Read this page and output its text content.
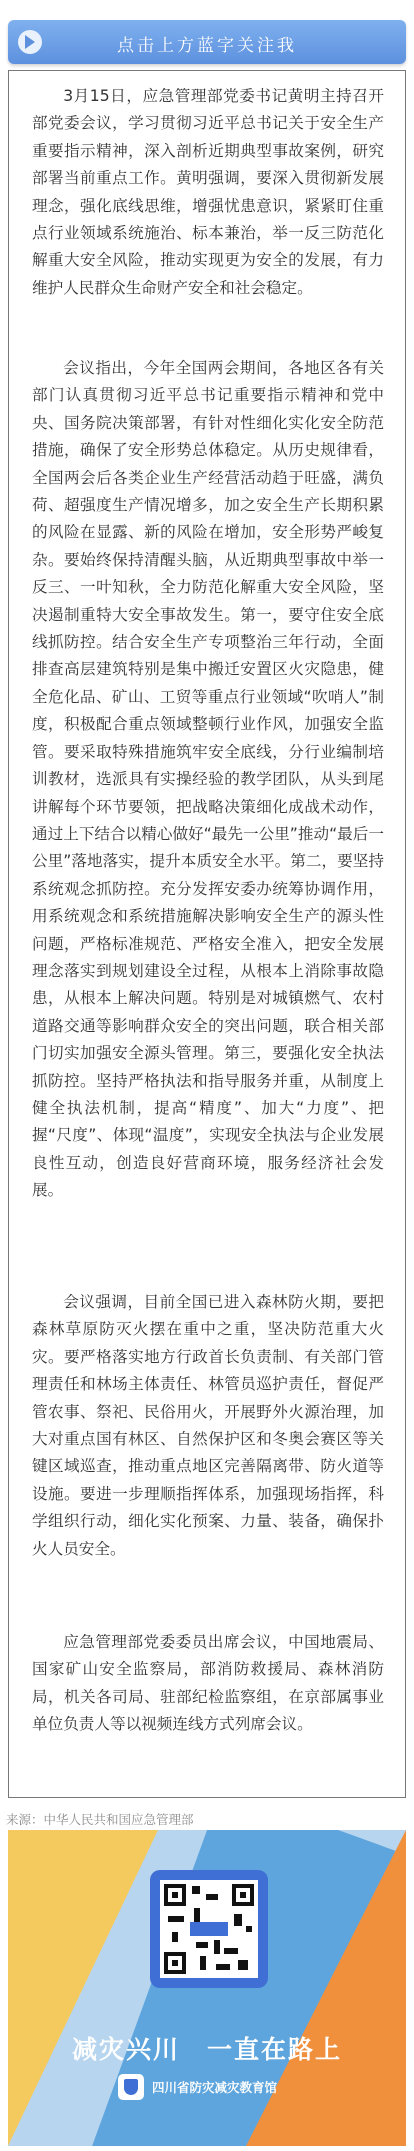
点击上方蓝字关注我
3月15日，应急管理部党委书记黄明主持召开部党委会议，学习贯彻习近平总书记关于安全生产重要指示精神，深入剖析近期典型事故案例，研究部署当前重点工作。黄明强调，要深入贯彻新发展理念，强化底线思维，增强忧患意识，紧紧盯住重点行业领域系统施治、标本兼治，举一反三防范化解重大安全风险，推动实现更为安全的发展，有力维护人民群众生命财产安全和社会稳定。
会议指出，今年全国两会期间，各地区各有关部门认真贯彻习近平总书记重要指示精神和党中央、国务院决策部署，有针对性细化实化安全防范措施，确保了安全形势总体稳定。从历史规律看，全国两会后各类企业生产经营活动趋于旺盛，满负荷、超强度生产情况增多，加之安全生产长期积累的风险在显露、新的风险在增加，安全形势严峻复杂。要始终保持清醒头脑，从近期典型事故中举一反三、一叶知秋，全力防范化解重大安全风险，坚决遏制重特大安全事故发生。第一，要守住安全底线抓防控。结合安全生产专项整治三年行动，全面排查高层建筑特别是集中搬迁安置区火灾隐患，健全危化品、矿山、工贸等重点行业领域“吹哨人”制度，积极配合重点领域整顿行业作风，加强安全监管。要采取特殊措施筑牢安全底线，分行业编制培训教材，选派具有实操经验的教学团队，从头到尾讲解每个环节要领，把战略决策细化成战术动作，通过上下结合以精心做好“最先一公里”推动“最后一公里”落地落实，提升本质安全水平。第二，要坚持系统观念抓防控。充分发挥安委办统筹协调作用，用系统观念和系统措施解决影响安全生产的源头性问题，严格标准规范、严格安全准入，把安全发展理念落实到规划建设全过程，从根本上消除事故隐患，从根本上解决问题。特别是对城镇燃气、农村道路交通等影响群众安全的突出问题，联合相关部门切实加强安全源头管理。第三，要强化安全执法抓防控。坚持严格执法和指导服务并重，从制度上健全执法机制，提高“精度”、加大“力度”、把握“尺度”、体现“温度”，实现安全执法与企业发展良性互动，创造良好营商环境，服务经济社会发展。
会议强调，目前全国已进入森林防火期，要把森林草原防灭火摆在重中之重，坚决防范重大火灾。要严格落实地方行政首长负责制、有关部门管理责任和林场主体责任、林管员巡护责任，督促严管农事、祭祀、民俗用火，开展野外火源治理，加大对重点国有林区、自然保护区和冬奥会赛区等关键区域巡查，推动重点地区完善隔离带、防火道等设施。要进一步理顺指挥体系，加强现场指挥，科学组织行动，细化实化预案、力量、装备，确保扑火人员安全。
应急管理部党委委员出席会议，中国地震局、国家矿山安全监察局，部消防救援局、森林消防局，机关各司局、驻部纪检监察组，在京部属事业单位负责人等以视频连线方式列席会议。
来源：中华人民共和国应急管理部
减灾兴川　一直在路上
四川省防灾减灾教育馆
